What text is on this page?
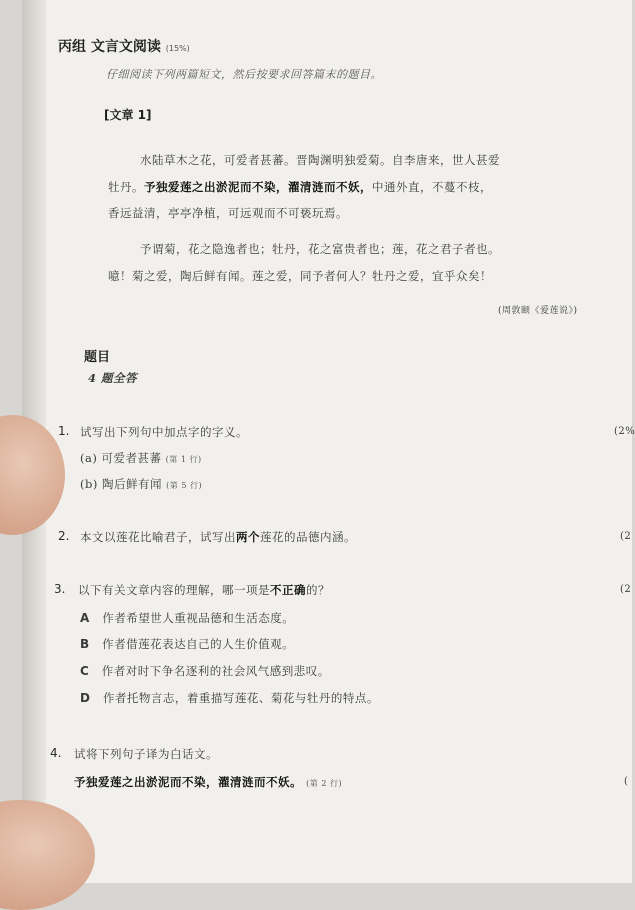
丙组 文言文阅读 (15%)
仔细阅读下列两篇短文，然后按要求回答篇末的题目。
[文章 1]
水陆草木之花，可爱者甚蕃。晋陶渊明独爱菊。自李唐来，世人甚爱
牡丹。予独爱莲之出淤泥而不染，濯清涟而不妖，中通外直，不蔓不枝，
香远益清，亭亭净植，可远观而不可亵玩焉。
予谓菊，花之隐逸者也；牡丹，花之富贵者也；莲，花之君子者也。
噫！菊之爱，陶后鲜有闻。莲之爱，同予者何人？牡丹之爱，宜乎众矣！
(周敦颐《爱莲说》)
题目
4 题全答
1. 试写出下列句中加点字的字义。	(2%
(a) 可爱者甚蕃 (第 1 行)
(b) 陶后鲜有闻 (第 5 行)
2. 本文以莲花比喻君子，试写出两个莲花的品德内涵。	(2
3. 以下有关文章内容的理解，哪一项是不正确的？	(2
A 作者希望世人重视品德和生活态度。
B 作者借莲花表达自己的人生价值观。
C 作者对时下争名逐利的社会风气感到悲叹。
D 作者托物言志，着重描写莲花、菊花与牡丹的特点。
4. 试将下列句子译为白话文。
予独爱莲之出淤泥而不染，濯清涟而不妖。 (第 2 行)	(
